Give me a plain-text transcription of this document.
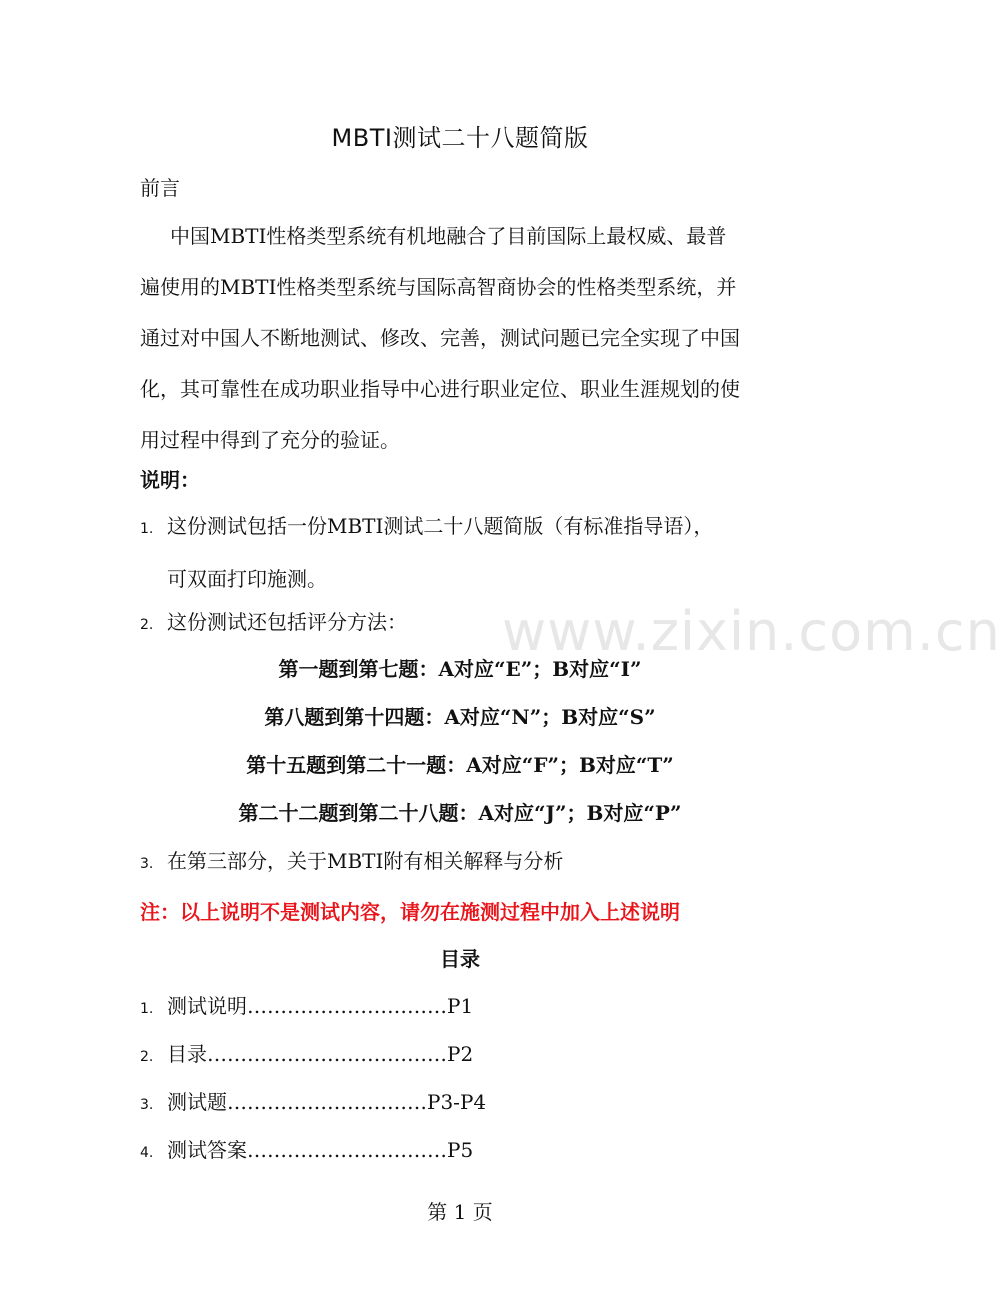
MBTI测试二十八题简版
前言
中国MBTI性格类型系统有机地融合了目前国际上最权威、最普
遍使用的MBTI性格类型系统与国际高智商协会的性格类型系统，并
通过对中国人不断地测试、修改、完善，测试问题已完全实现了中国
化，其可靠性在成功职业指导中心进行职业定位、职业生涯规划的使
用过程中得到了充分的验证。
说明：
1. 这份测试包括一份MBTI测试二十八题简版（有标准指导语），
可双面打印施测。
2. 这份测试还包括评分方法：
第一题到第七题：A对应“E”；B对应“I”
第八题到第十四题：A对应“N”；B对应“S”
第十五题到第二十一题：A对应“F”；B对应“T”
第二十二题到第二十八题：A对应“J”；B对应“P”
3. 在第三部分，关于MBTI附有相关解释与分析
注：以上说明不是测试内容，请勿在施测过程中加入上述说明
目录
1. 测试说明…………………………P1
2. 目录………………………………P2
3. 测试题…………………………P3-P4
4. 测试答案…………………………P5
www.zixin.com.cn
第 1 页
